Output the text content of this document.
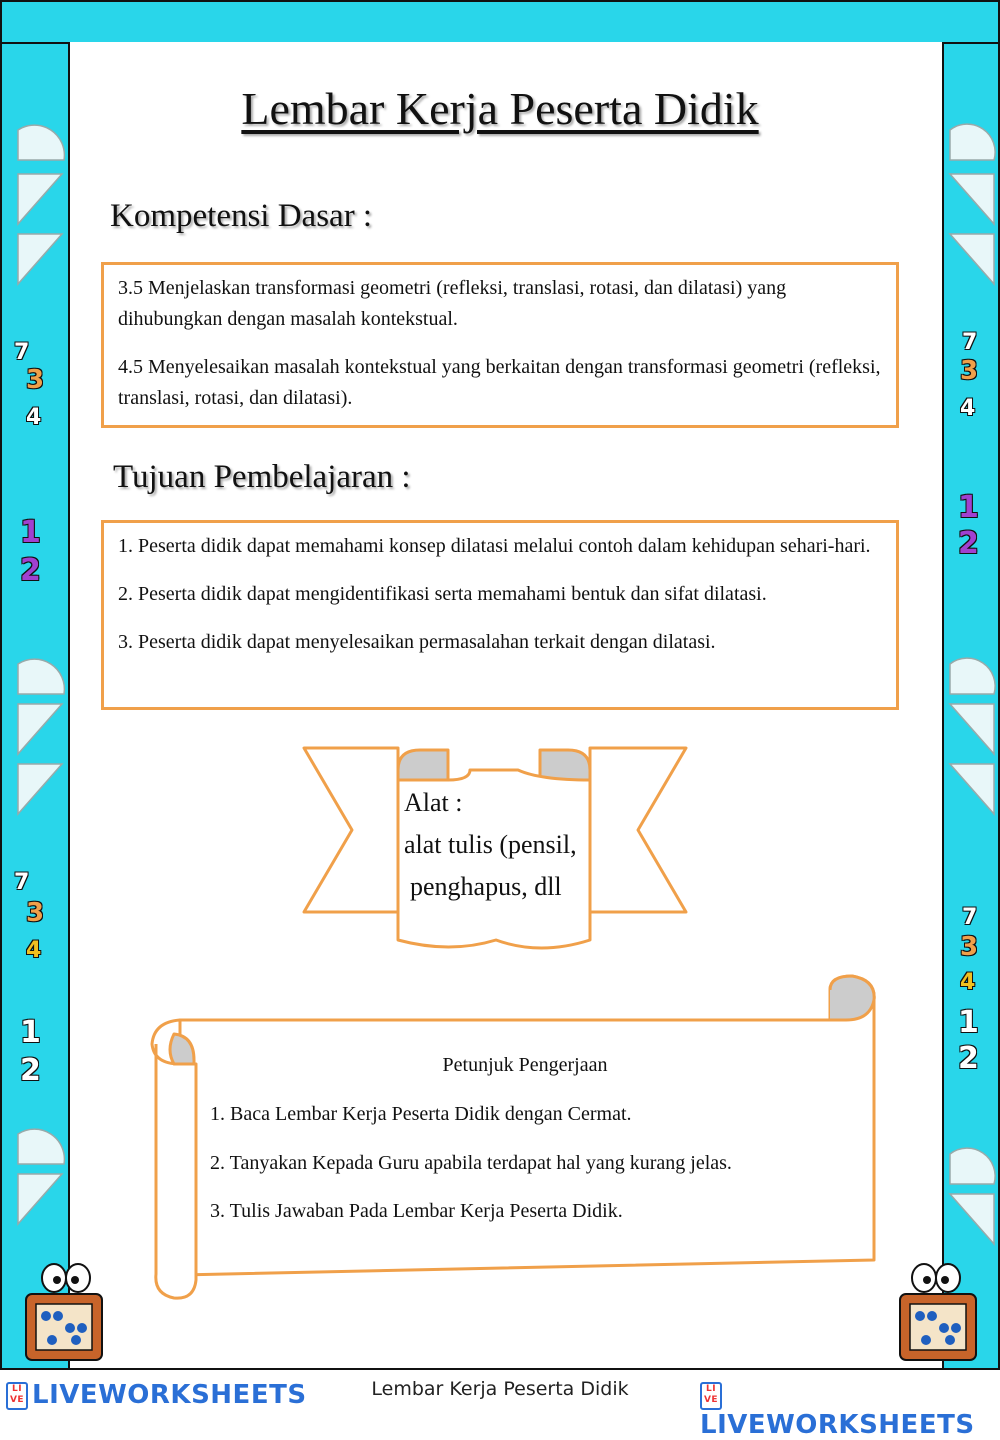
7
3
4
1
2
7
3
4
1
2
7
3
4
1
2
7
3
4
1
2
Lembar Kerja Peserta Didik
Kompetensi Dasar :

3.5 Menjelaskan transformasi geometri (refleksi, translasi, rotasi, dan dilatasi) yang dihubungkan dengan masalah kontekstual.

4.5 Menyelesaikan masalah kontekstual yang berkaitan dengan transformasi geometri (refleksi, translasi, rotasi, dan dilatasi).

Tujuan Pembelajaran :

1. Peserta didik dapat memahami konsep dilatasi melalui contoh dalam kehidupan sehari-hari.

2. Peserta didik dapat mengidentifikasi serta memahami bentuk dan sifat dilatasi.

3. Peserta didik dapat menyelesaikan permasalahan terkait dengan dilatasi.

Alat :
alat tulis (pensil,
penghapus, dll
Petunjuk Pengerjaan
1. Baca Lembar Kerja Peserta Didik dengan Cermat.
2. Tanyakan Kepada Guru apabila terdapat hal yang kurang jelas.
3. Tulis Jawaban Pada Lembar Kerja Peserta Didik.
LI
VE LIVEWORKSHEETS	Lembar Kerja Peserta Didik	LI
VELIVEWORKSHEETS
